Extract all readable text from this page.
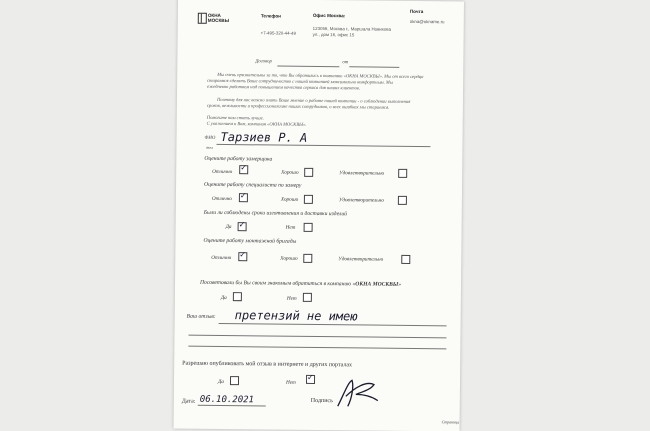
ОКНА
МОСКВЫ
Телефон
+7-495-320-44-49
Офис Москва:
123056, Москва г., Маршала Новикова
ул., дом 16, офис 15
Почта
okna@okname.ru
Договор	от
Мы очень признательны за то, что Вы обратились в компанию «ОКНА МОСКВЫ». Мы от всего сердца
стараемся сделать Ваше сотрудничество с нашей компанией максимально комфортным. Мы
ежедневно работаем над повышением качества сервиса для наших клиентов.
Поэтому для нас важно знать Ваше мнение о работе нашей компании - о соблюдении выполнения
сроков, вежливости и профессионализме наших сотрудников, о всех ошибках мы стараемся.
Помогите нам стать лучше.
С уважением к Вам, компания «ОКНА МОСКВЫ».
ФИО Тарзиев Р. А
тел
Оцените работу замерщика
Отлично ✓
Хорошо	Удовлетворительно
Оцените работу специалиста по замеру
Отлично ✓	Хорошо	Удовлетворительно
Были ли соблюдены сроки изготовления и доставки изделий
Да ✓	Нет
Оцените работу монтажной бригады
Отлично ✓	Хорошо	Удовлетворительно
Посоветовали бы Вы своим знакомым обратиться в компанию «ОКНА МОСКВЫ»
Да	Нет
Ваш отзыв: претензий не имею
Разрешаю опубликовать мой отзыв в интернете и других порталах
Да	Нет
✓
Дата: 06.10.2021	Подпись
Страница
